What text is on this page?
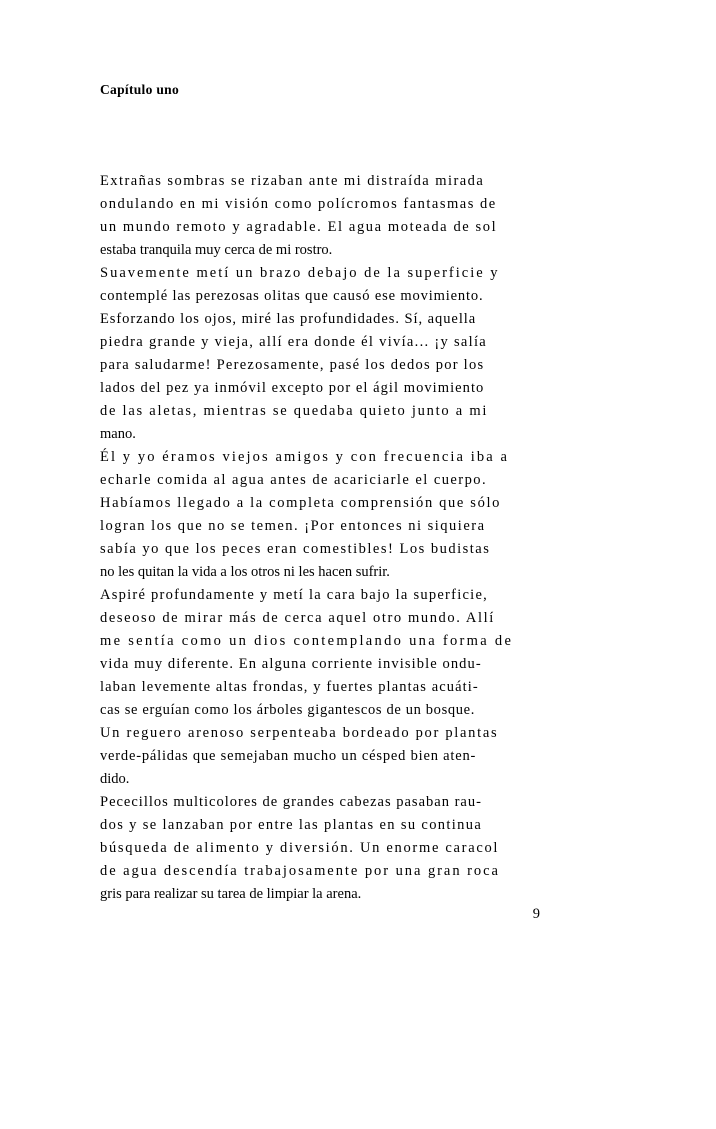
Capítulo uno
Extrañas sombras se rizaban ante mi distraída mirada
ondulando en mi visión como polícromos fantasmas de
un mundo remoto y agradable. El agua moteada de sol
estaba tranquila muy cerca de mi rostro.
Suavemente metí un brazo debajo de la superficie y
contemplé las perezosas olitas que causó ese movimiento.
Esforzando los ojos, miré las profundidades. Sí, aquella
piedra grande y vieja, allí era donde él vivía... ¡y salía
para saludarme! Perezosamente, pasé los dedos por los
lados del pez ya inmóvil excepto por el ágil movimiento
de las aletas, mientras se quedaba quieto junto a mi
mano.
Él y yo éramos viejos amigos y con frecuencia iba a
echarle comida al agua antes de acariciarle el cuerpo.
Habíamos llegado a la completa comprensión que sólo
logran los que no se temen. ¡Por entonces ni siquiera
sabía yo que los peces eran comestibles! Los budistas
no les quitan la vida a los otros ni les hacen sufrir.
Aspiré profundamente y metí la cara bajo la superficie,
deseoso de mirar más de cerca aquel otro mundo. Allí
me sentía como un dios contemplando una forma de
vida muy diferente. En alguna corriente invisible ondu-
laban levemente altas frondas, y fuertes plantas acuáti-
cas se erguían como los árboles gigantescos de un bosque.
Un reguero arenoso serpenteaba bordeado por plantas
verde-pálidas que semejaban mucho un césped bien aten-
dido.
Pececillos multicolores de grandes cabezas pasaban rau-
dos y se lanzaban por entre las plantas en su continua
búsqueda de alimento y diversión. Un enorme caracol
de agua descendía trabajosamente por una gran roca
gris para realizar su tarea de limpiar la arena.
9
